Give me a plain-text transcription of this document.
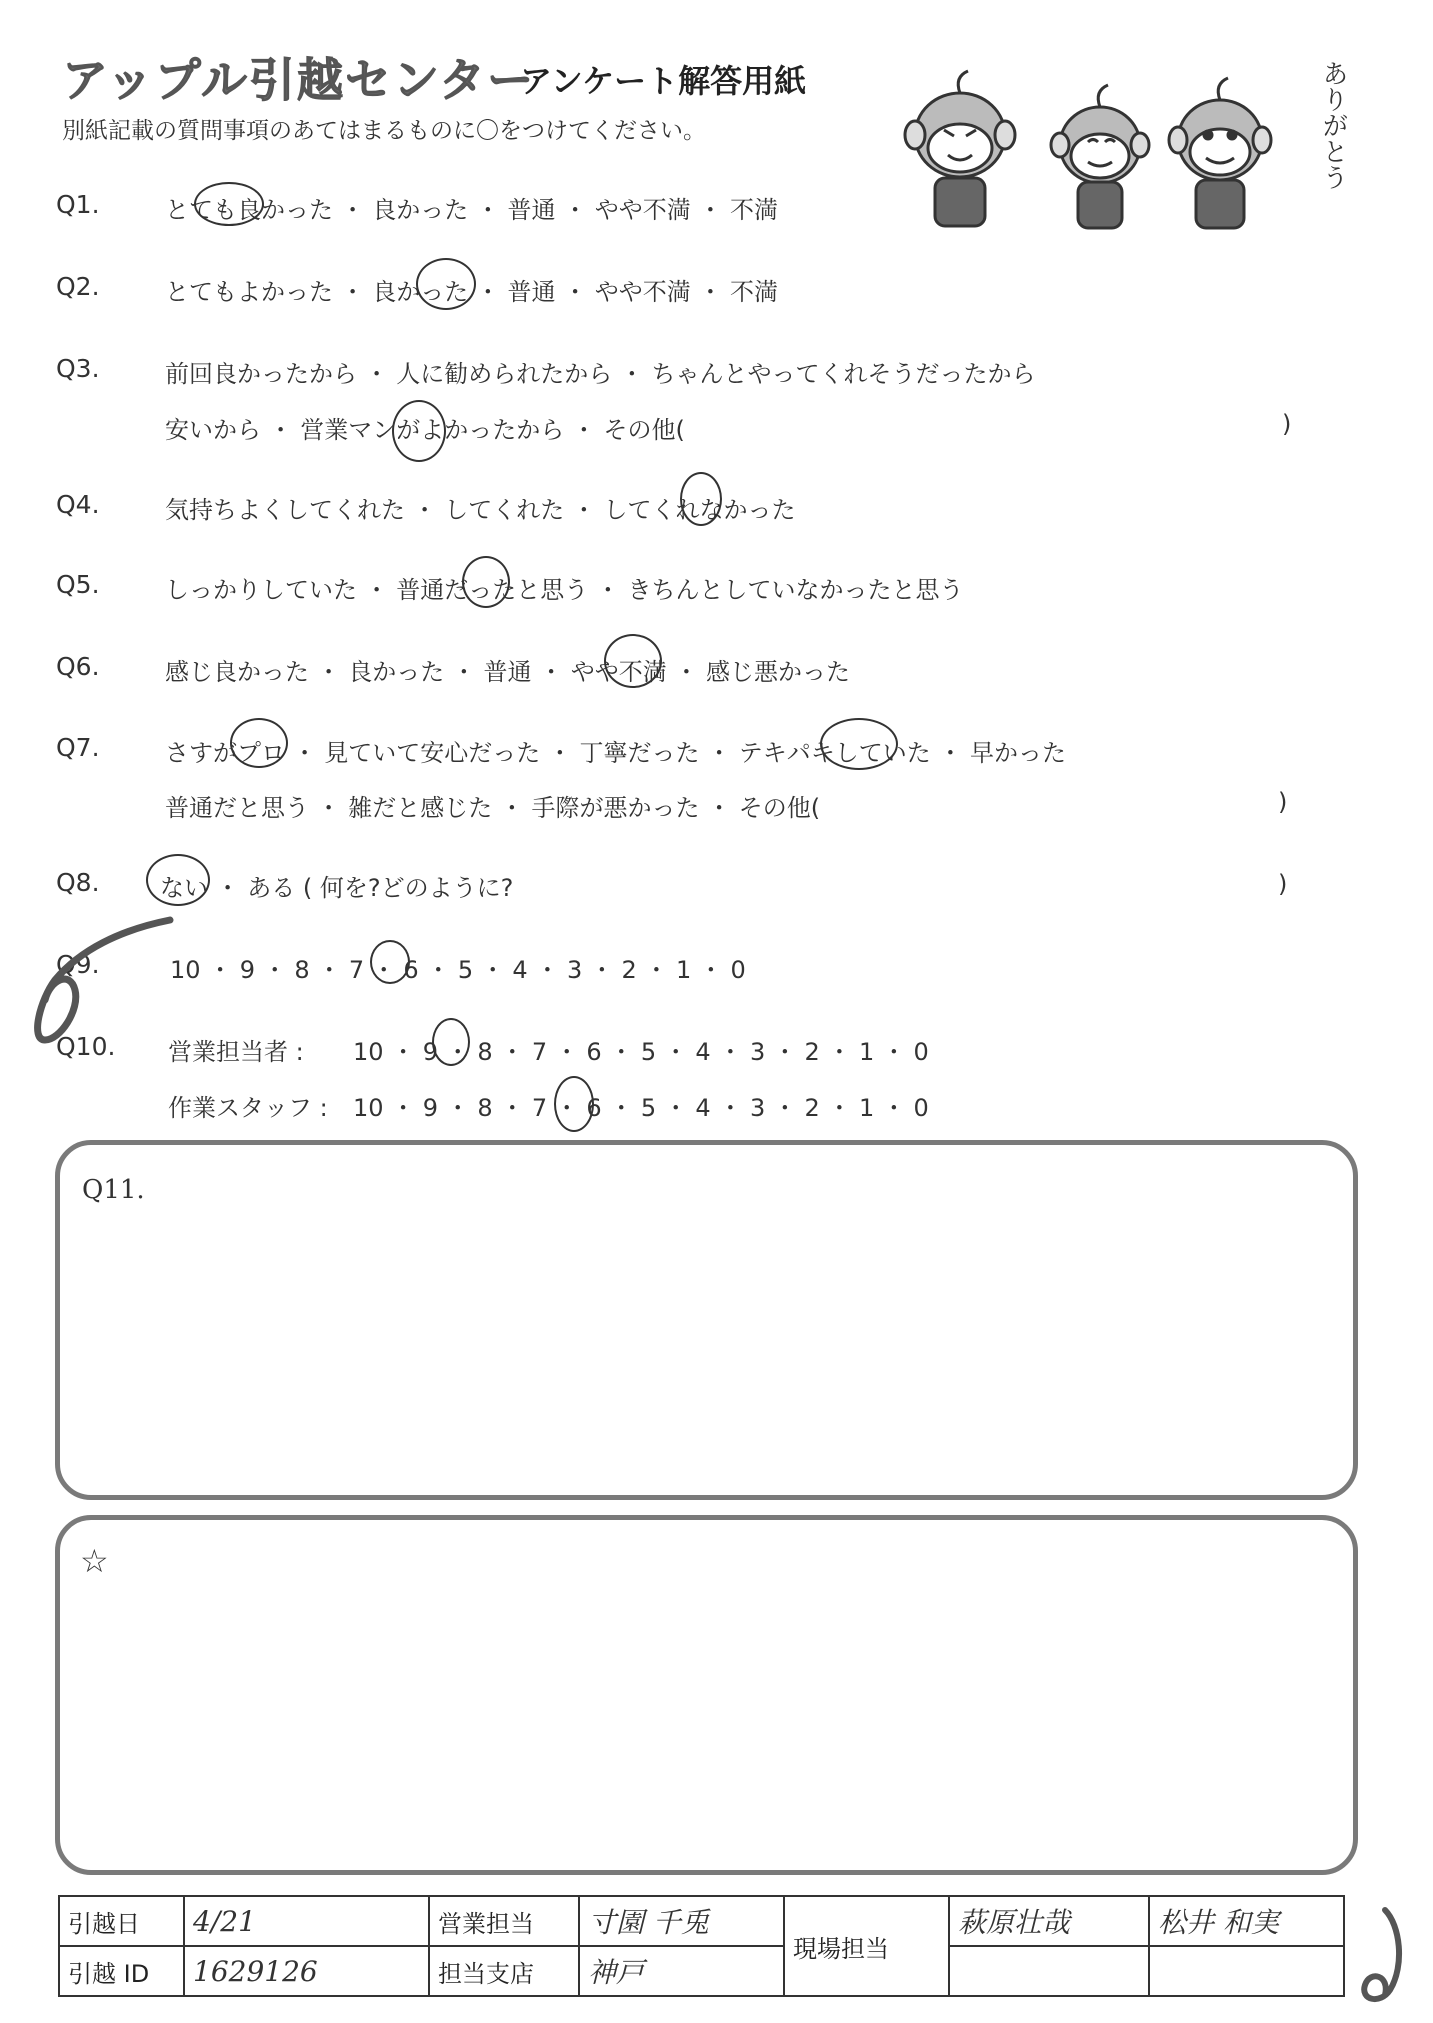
アップル引越センター
アンケート解答用紙
別紙記載の質問事項のあてはまるものに〇をつけてください。	ありがとう
Q1.	とても良かった ・ 良かった ・ 普通 ・ やや不満 ・ 不満
Q2.	とてもよかった ・ 良かった ・ 普通 ・ やや不満 ・ 不満
Q3.	前回良かったから ・ 人に勧められたから ・ ちゃんとやってくれそうだったから
安いから ・ 営業マンがよかったから ・ その他(	)
Q4.	気持ちよくしてくれた ・ してくれた ・ してくれなかった
Q5.	しっかりしていた ・ 普通だったと思う ・ きちんとしていなかったと思う
Q6.	感じ良かった ・ 良かった ・ 普通 ・ やや不満 ・ 感じ悪かった
Q7.	さすがプロ ・ 見ていて安心だった ・ 丁寧だった ・ テキパキしていた ・ 早かった
普通だと思う ・ 雑だと感じた ・ 手際が悪かった ・ その他(	)
Q8.	ない ・ ある ( 何を?どのように?	)
Q9.	10 ・ 9 ・ 8 ・ 7 ・ 6 ・ 5 ・ 4 ・ 3 ・ 2 ・ 1 ・ 0
Q10. 営業担当者 : 10 ・ 9 ・ 8 ・ 7 ・ 6 ・ 5 ・ 4 ・ 3 ・ 2 ・ 1 ・ 0
作業スタッフ : 10 ・ 9 ・ 8 ・ 7 ・ 6 ・ 5 ・ 4 ・ 3 ・ 2 ・ 1 ・ 0
Q11.
☆
引越日	4/21	営業担当	寸園 千兎	現場担当	萩原壮哉	松井 和実
引越 ID	1629126	担当支店	神戸			
